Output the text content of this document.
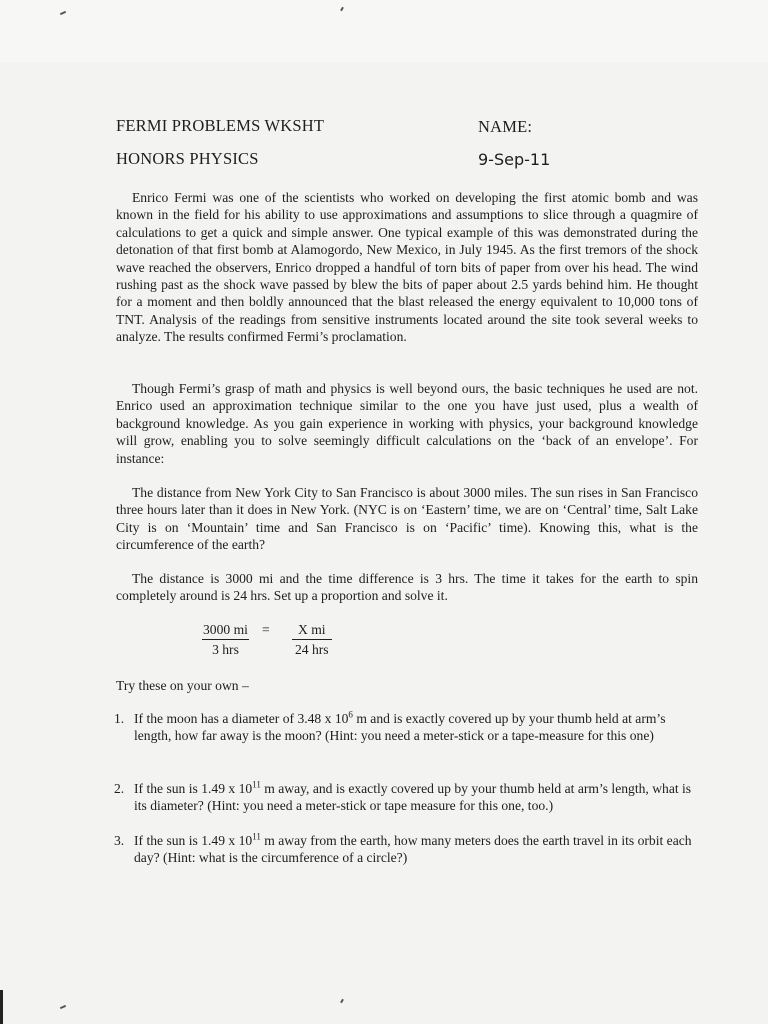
FERMI PROBLEMS WKSHT
HONORS PHYSICS
NAME:
9-Sep-11
Enrico Fermi was one of the scientists who worked on developing the first atomic bomb and was known in the field for his ability to use approximations and assumptions to slice through a quagmire of calculations to get a quick and simple answer. One typical example of this was demonstrated during the detonation of that first bomb at Alamogordo, New Mexico, in July 1945. As the first tremors of the shock wave reached the observers, Enrico dropped a handful of torn bits of paper from over his head. The wind rushing past as the shock wave passed by blew the bits of paper about 2.5 yards behind him. He thought for a moment and then boldly announced that the blast released the energy equivalent to 10,000 tons of TNT. Analysis of the readings from sensitive instruments located around the site took several weeks to analyze. The results confirmed Fermi’s proclamation.
Though Fermi’s grasp of math and physics is well beyond ours, the basic techniques he used are not. Enrico used an approximation technique similar to the one you have just used, plus a wealth of background knowledge. As you gain experience in working with physics, your background knowledge will grow, enabling you to solve seemingly difficult calculations on the ‘back of an envelope’. For instance:
The distance from New York City to San Francisco is about 3000 miles. The sun rises in San Francisco three hours later than it does in New York. (NYC is on ‘Eastern’ time, we are on ‘Central’ time, Salt Lake City is on ‘Mountain’ time and San Francisco is on ‘Pacific’ time). Knowing this, what is the circumference of the earth?
The distance is 3000 mi and the time difference is 3 hrs. The time it takes for the earth to spin completely around is 24 hrs. Set up a proportion and solve it.
3000 mi
3 hrs
=	X mi
24 hrs
Try these on your own –
1. If the moon has a diameter of 3.48 x $10^6$ m and is exactly covered up by your thumb held at arm’s length, how far away is the moon? (Hint: you need a meter-stick or a tape-measure for this one)
2. If the sun is 1.49 x $10^{11}$ m away, and is exactly covered up by your thumb held at arm’s length, what is its diameter? (Hint: you need a meter-stick or tape measure for this one, too.)
3. If the sun is 1.49 x $10^{11}$ m away from the earth, how many meters does the earth travel in its orbit each day? (Hint: what is the circumference of a circle?)
